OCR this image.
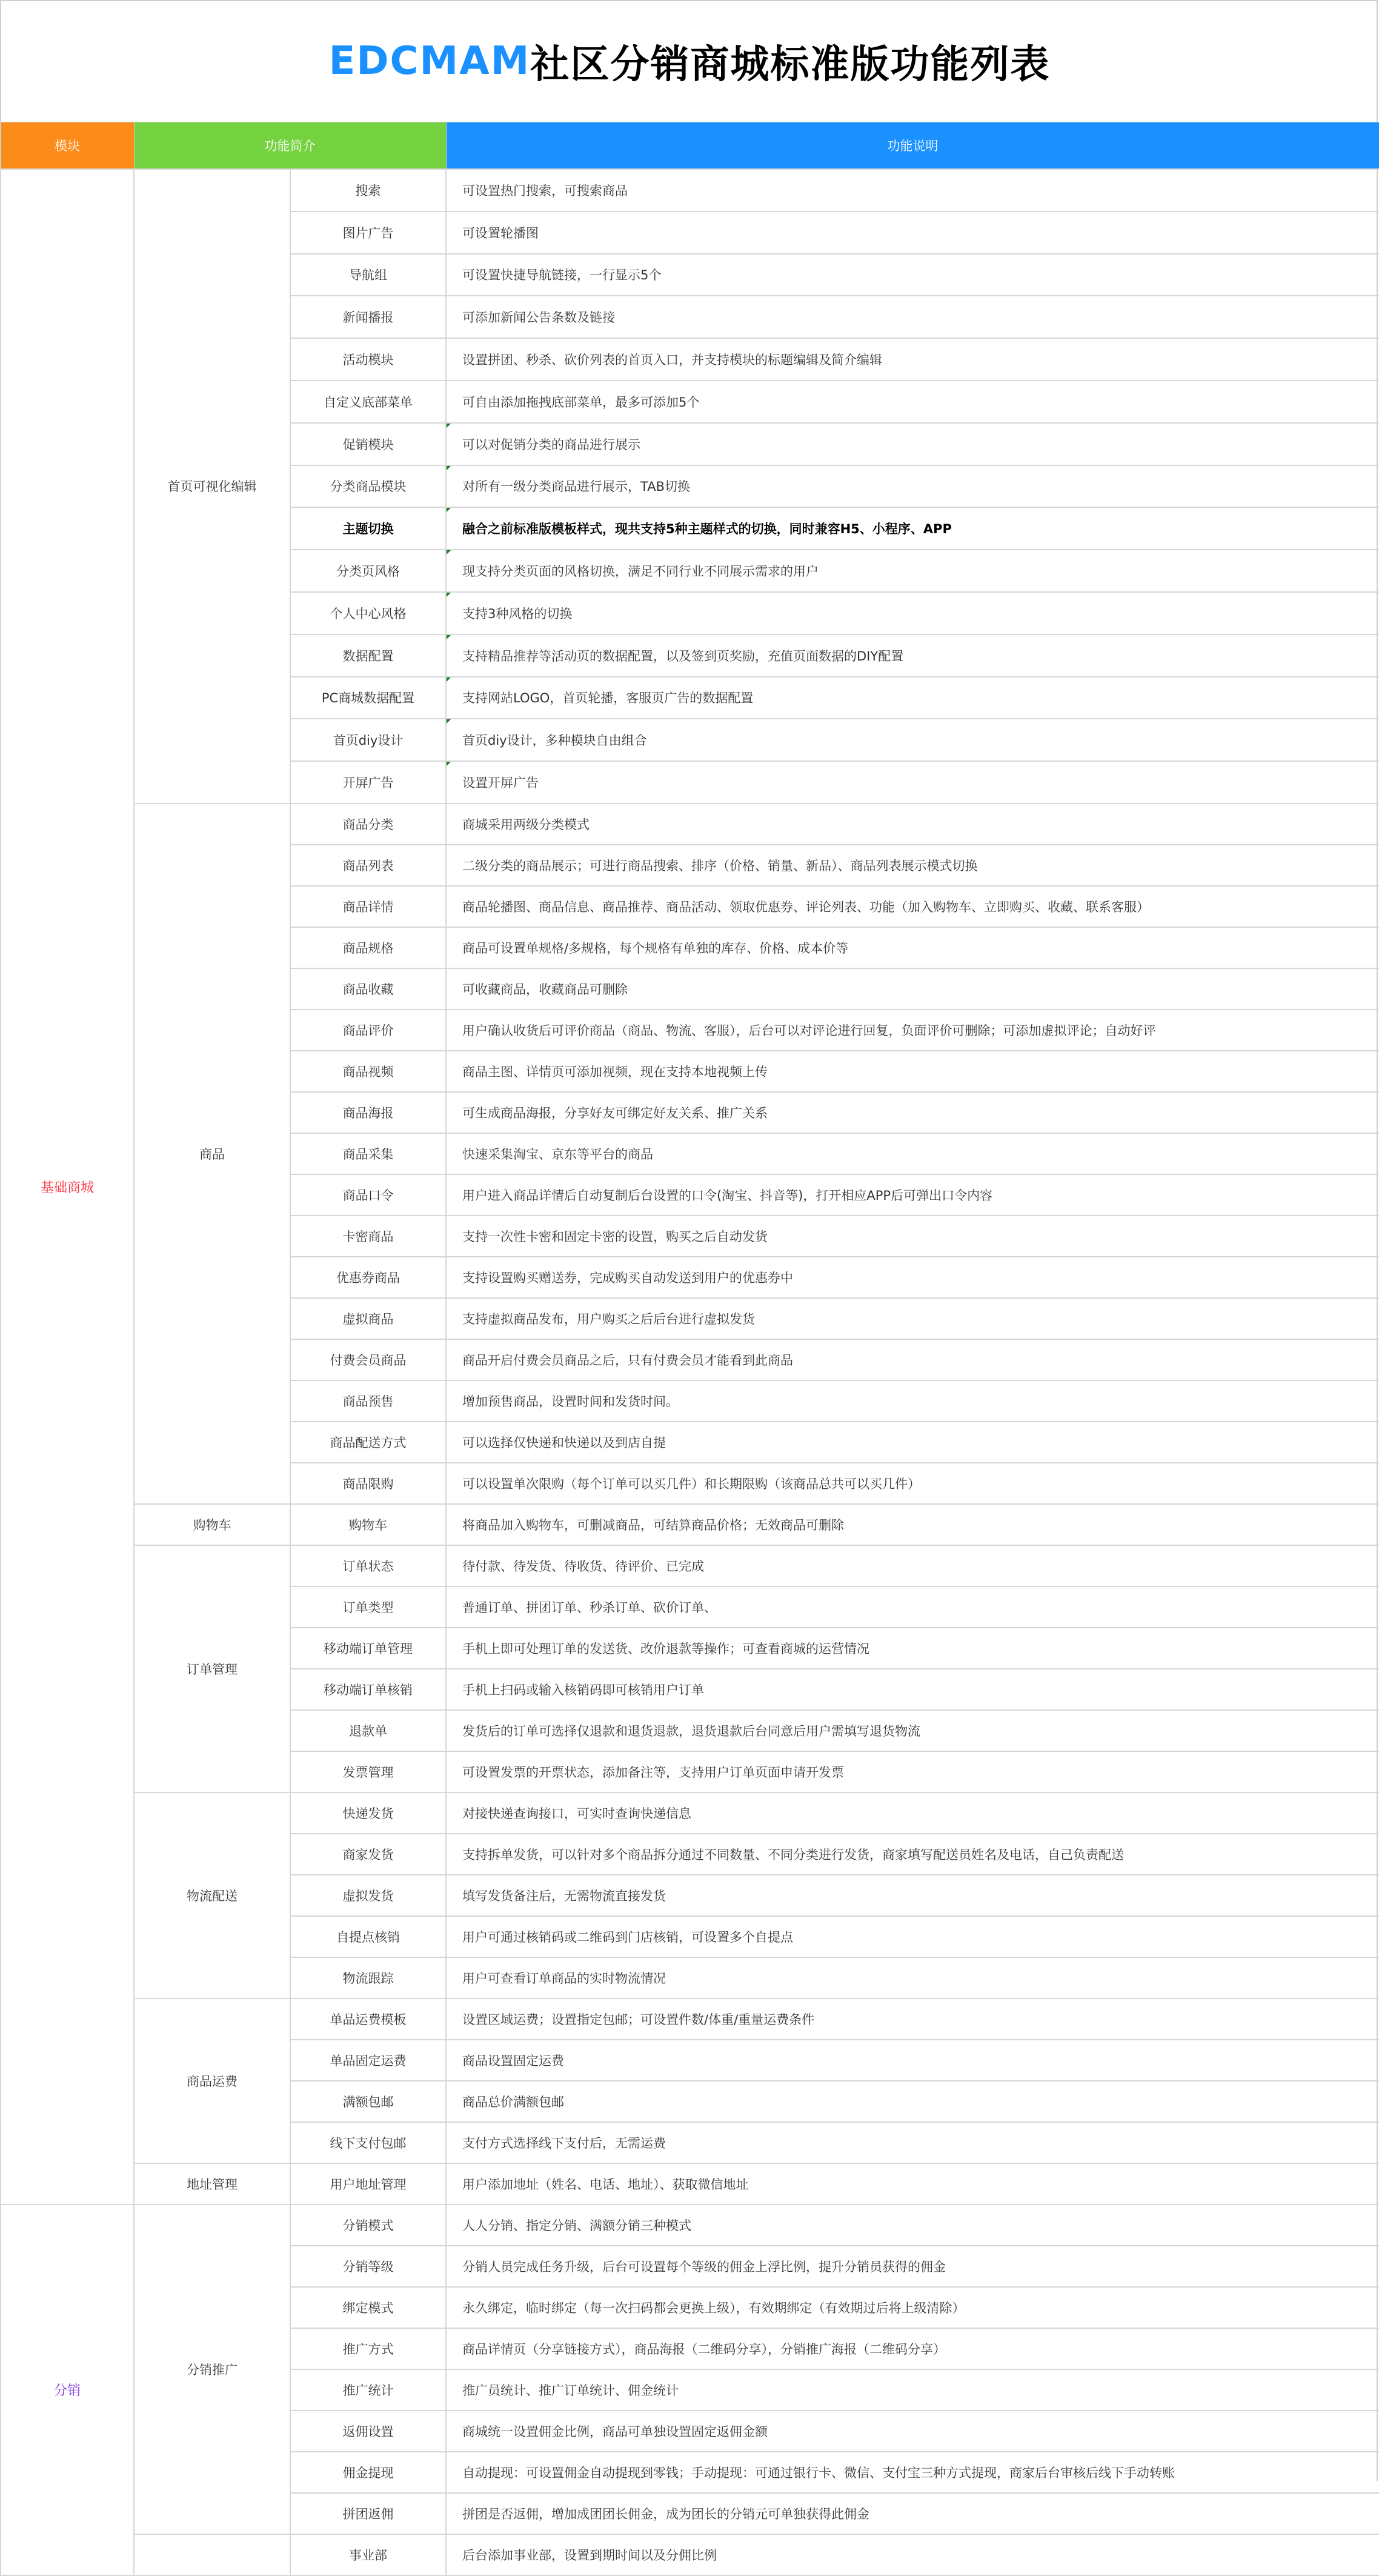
EDCMAM 社区分销商城标准版功能列表
模块	功能简介		功能说明
基础商城	首页可视化编辑	搜索	可设置热门搜索，可搜索商品
		图片广告	可设置轮播图
		导航组	可设置快捷导航链接，一行显示5个
		新闻播报	可添加新闻公告条数及链接
		活动模块	设置拼团、秒杀、砍价列表的首页入口，并支持模块的标题编辑及简介编辑
		自定义底部菜单	可自由添加拖拽底部菜单，最多可添加5个
		促销模块	可以对促销分类的商品进行展示

		分类商品模块	对所有一级分类商品进行展示，TAB切换

		主题切换	融合之前标准版模板样式，现共支持5种主题样式的切换，同时兼容H5、小程序、APP

		分类页风格	现支持分类页面的风格切换，满足不同行业不同展示需求的用户

		个人中心风格	支持3种风格的切换

		数据配置	支持精品推荐等活动页的数据配置，以及签到页奖励，充值页面数据的DIY配置

		PC商城数据配置	支持网站LOGO，首页轮播，客服页广告的数据配置

		首页diy设计	首页diy设计，多种模块自由组合

		开屏广告	设置开屏广告

	商品	商品分类	商城采用两级分类模式
		商品列表	二级分类的商品展示；可进行商品搜索、排序（价格、销量、新品）、商品列表展示模式切换
		商品详情	商品轮播图、商品信息、商品推荐、商品活动、领取优惠券、评论列表、功能（加入购物车、立即购买、收藏、联系客服）
		商品规格	商品可设置单规格/多规格，每个规格有单独的库存、价格、成本价等
		商品收藏	可收藏商品，收藏商品可删除
		商品评价	用户确认收货后可评价商品（商品、物流、客服），后台可以对评论进行回复，负面评价可删除；可添加虚拟评论；自动好评
		商品视频	商品主图、详情页可添加视频，现在支持本地视频上传
		商品海报	可生成商品海报，分享好友可绑定好友关系、推广关系
		商品采集	快速采集淘宝、京东等平台的商品
		商品口令	用户进入商品详情后自动复制后台设置的口令(淘宝、抖音等)，打开相应APP后可弹出口令内容
		卡密商品	支持一次性卡密和固定卡密的设置，购买之后自动发货
		优惠券商品	支持设置购买赠送券，完成购买自动发送到用户的优惠券中
		虚拟商品	支持虚拟商品发布，用户购买之后后台进行虚拟发货
		付费会员商品	商品开启付费会员商品之后，只有付费会员才能看到此商品
		商品预售	增加预售商品，设置时间和发货时间。
		商品配送方式	可以选择仅快递和快递以及到店自提
		商品限购	可以设置单次限购（每个订单可以买几件）和长期限购（该商品总共可以买几件）
	购物车	购物车	将商品加入购物车，可删减商品，可结算商品价格；无效商品可删除
	订单管理	订单状态	待付款、待发货、待收货、待评价、已完成
		订单类型	普通订单、拼团订单、秒杀订单、砍价订单、
		移动端订单管理	手机上即可处理订单的发送货、改价退款等操作；可查看商城的运营情况
		移动端订单核销	手机上扫码或输入核销码即可核销用户订单
		退款单	发货后的订单可选择仅退款和退货退款，退货退款后台同意后用户需填写退货物流
		发票管理	可设置发票的开票状态，添加备注等，支持用户订单页面申请开发票
	物流配送	快递发货	对接快递查询接口，可实时查询快递信息
		商家发货	支持拆单发货，可以针对多个商品拆分通过不同数量、不同分类进行发货，商家填写配送员姓名及电话，自己负责配送
		虚拟发货	填写发货备注后，无需物流直接发货
		自提点核销	用户可通过核销码或二维码到门店核销，可设置多个自提点
		物流跟踪	用户可查看订单商品的实时物流情况
	商品运费	单品运费模板	设置区域运费；设置指定包邮；可设置件数/体重/重量运费条件
		单品固定运费	商品设置固定运费
		满额包邮	商品总价满额包邮
		线下支付包邮	支付方式选择线下支付后，无需运费
	地址管理	用户地址管理	用户添加地址（姓名、电话、地址）、获取微信地址
分销	分销推广	分销模式	人人分销、指定分销、满额分销三种模式
		分销等级	分销人员完成任务升级，后台可设置每个等级的佣金上浮比例，提升分销员获得的佣金
		绑定模式	永久绑定，临时绑定（每一次扫码都会更换上级），有效期绑定（有效期过后将上级清除）
		推广方式	商品详情页（分享链接方式），商品海报（二维码分享），分销推广海报（二维码分享）
		推广统计	推广员统计、推广订单统计、佣金统计
		返佣设置	商城统一设置佣金比例，商品可单独设置固定返佣金额
		佣金提现	自动提现：可设置佣金自动提现到零钱；手动提现：可通过银行卡、微信、支付宝三种方式提现，商家后台审核后线下手动转账
		拼团返佣	拼团是否返佣，增加成团团长佣金，成为团长的分销元可单独获得此佣金
		事业部	后台添加事业部，设置到期时间以及分佣比例
